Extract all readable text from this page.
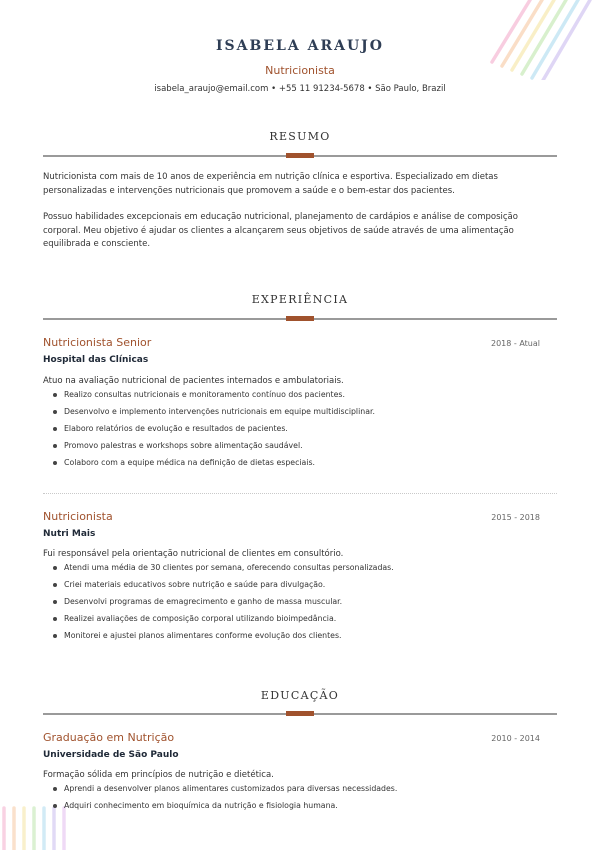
ISABELA ARAUJO
Nutricionista
isabela_araujo@email.com • +55 11 91234-5678 • São Paulo, Brazil
RESUMO

Nutricionista com mais de 10 anos de experiência em nutrição clínica e esportiva. Especializado em dietas personalizadas e intervenções nutricionais que promovem a saúde e o bem-estar dos pacientes.

Possuo habilidades excepcionais em educação nutricional, planejamento de cardápios e análise de composição corporal. Meu objetivo é ajudar os clientes a alcançarem seus objetivos de saúde através de uma alimentação equilibrada e consciente.

EXPERIÊNCIA
Nutricionista Senior	2018 - Atual
Hospital das Clínicas
Atuo na avaliação nutricional de pacientes internados e ambulatoriais.
Realizo consultas nutricionais e monitoramento contínuo dos pacientes.
Desenvolvo e implemento intervenções nutricionais em equipe multidisciplinar.
Elaboro relatórios de evolução e resultados de pacientes.
Promovo palestras e workshops sobre alimentação saudável.
Colaboro com a equipe médica na definição de dietas especiais.
Nutricionista	2015 - 2018
Nutri Mais
Fui responsável pela orientação nutricional de clientes em consultório.
Atendi uma média de 30 clientes por semana, oferecendo consultas personalizadas.
Criei materiais educativos sobre nutrição e saúde para divulgação.
Desenvolvi programas de emagrecimento e ganho de massa muscular.
Realizei avaliações de composição corporal utilizando bioimpedância.
Monitorei e ajustei planos alimentares conforme evolução dos clientes.
EDUCAÇÃO
Graduação em Nutrição	2010 - 2014
Universidade de São Paulo
Formação sólida em princípios de nutrição e dietética.
Aprendi a desenvolver planos alimentares customizados para diversas necessidades.
Adquiri conhecimento em bioquímica da nutrição e fisiologia humana.
